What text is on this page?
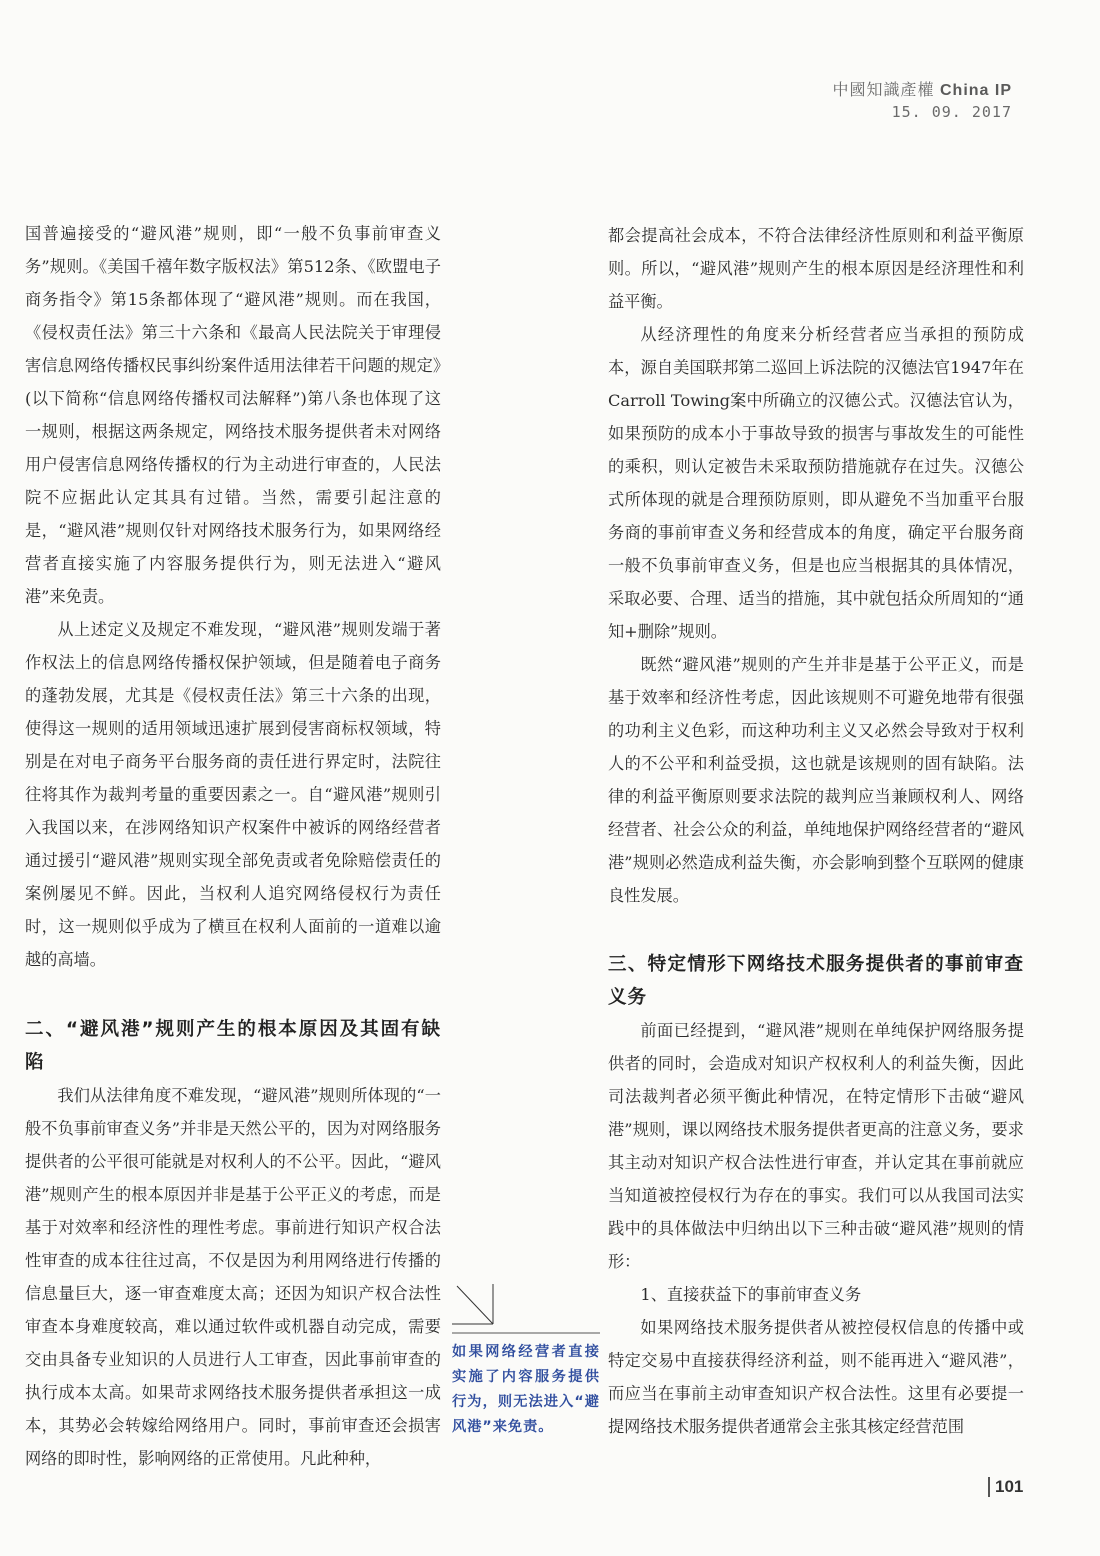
中國知識產權 China IP
15. 09. 2017

国普遍接受的“避风港”规则，即“一般不负事前审查义务”规则。《美国千禧年数字版权法》第512条、《欧盟电子商务指令》第15条都体现了“避风港”规则。而在我国，《侵权责任法》第三十六条和《最高人民法院关于审理侵害信息网络传播权民事纠纷案件适用法律若干问题的规定》(以下简称“信息网络传播权司法解释”)第八条也体现了这一规则，根据这两条规定，网络技术服务提供者未对网络用户侵害信息网络传播权的行为主动进行审查的，人民法院不应据此认定其具有过错。当然，需要引起注意的是，“避风港”规则仅针对网络技术服务行为，如果网络经营者直接实施了内容服务提供行为，则无法进入“避风港”来免责。

从上述定义及规定不难发现，“避风港”规则发端于著作权法上的信息网络传播权保护领域，但是随着电子商务的蓬勃发展，尤其是《侵权责任法》第三十六条的出现，使得这一规则的适用领域迅速扩展到侵害商标权领域，特别是在对电子商务平台服务商的责任进行界定时，法院往往将其作为裁判考量的重要因素之一。自“避风港”规则引入我国以来，在涉网络知识产权案件中被诉的网络经营者通过援引“避风港”规则实现全部免责或者免除赔偿责任的案例屡见不鲜。因此，当权利人追究网络侵权行为责任时，这一规则似乎成为了横亘在权利人面前的一道难以逾越的高墙。

二、“避风港”规则产生的根本原因及其固有缺陷

我们从法律角度不难发现，“避风港”规则所体现的“一般不负事前审查义务”并非是天然公平的，因为对网络服务提供者的公平很可能就是对权利人的不公平。因此，“避风港”规则产生的根本原因并非是基于公平正义的考虑，而是基于对效率和经济性的理性考虑。事前进行知识产权合法性审查的成本往往过高，不仅是因为利用网络进行传播的信息量巨大，逐一审查难度太高；还因为知识产权合法性审查本身难度较高，难以通过软件或机器自动完成，需要交由具备专业知识的人员进行人工审查，因此事前审查的执行成本太高。如果苛求网络技术服务提供者承担这一成本，其势必会转嫁给网络用户。同时，事前审查还会损害网络的即时性，影响网络的正常使用。凡此种种，

如果网络经营者直接实施了内容服务提供行为，则无法进入“避风港”来免责。

都会提高社会成本，不符合法律经济性原则和利益平衡原则。所以，“避风港”规则产生的根本原因是经济理性和利益平衡。

从经济理性的角度来分析经营者应当承担的预防成本，源自美国联邦第二巡回上诉法院的汉德法官1947年在Carroll Towing案中所确立的汉德公式。汉德法官认为，如果预防的成本小于事故导致的损害与事故发生的可能性的乘积，则认定被告未采取预防措施就存在过失。汉德公式所体现的就是合理预防原则，即从避免不当加重平台服务商的事前审查义务和经营成本的角度，确定平台服务商一般不负事前审查义务，但是也应当根据其的具体情况，采取必要、合理、适当的措施，其中就包括众所周知的“通知+删除”规则。

既然“避风港”规则的产生并非是基于公平正义，而是基于效率和经济性考虑，因此该规则不可避免地带有很强的功利主义色彩，而这种功利主义又必然会导致对于权利人的不公平和利益受损，这也就是该规则的固有缺陷。法律的利益平衡原则要求法院的裁判应当兼顾权利人、网络经营者、社会公众的利益，单纯地保护网络经营者的“避风港”规则必然造成利益失衡，亦会影响到整个互联网的健康良性发展。

三、特定情形下网络技术服务提供者的事前审查义务

前面已经提到，“避风港”规则在单纯保护网络服务提供者的同时，会造成对知识产权权利人的利益失衡，因此司法裁判者必须平衡此种情况，在特定情形下击破“避风港”规则，课以网络技术服务提供者更高的注意义务，要求其主动对知识产权合法性进行审查，并认定其在事前就应当知道被控侵权行为存在的事实。我们可以从我国司法实践中的具体做法中归纳出以下三种击破“避风港”规则的情形：

1、直接获益下的事前审查义务

如果网络技术服务提供者从被控侵权信息的传播中或特定交易中直接获得经济利益，则不能再进入“避风港”，而应当在事前主动审查知识产权合法性。这里有必要提一提网络技术服务提供者通常会主张其核定经营范围

101
